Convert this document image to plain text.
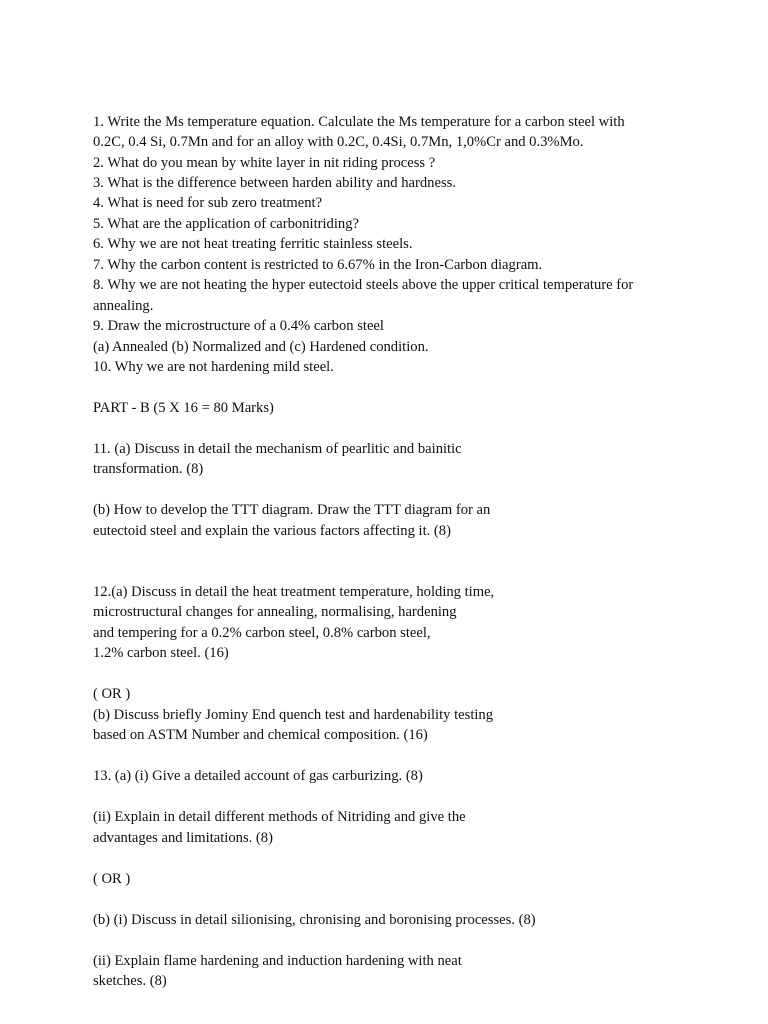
1. Write the Ms temperature equation. Calculate the Ms temperature for a carbon steel with
0.2C, 0.4 Si, 0.7Mn and for an alloy with 0.2C, 0.4Si, 0.7Mn, 1,0%Cr and 0.3%Mo.
2. What do you mean by white layer in nit riding process ?
3. What is the difference between harden ability and hardness.
4. What is need for sub zero treatment?
5. What are the application of carbonitriding?
6. Why we are not heat treating ferritic stainless steels.
7. Why the carbon content is restricted to 6.67% in the Iron-Carbon diagram.
8. Why we are not heating the hyper eutectoid steels above the upper critical temperature for
annealing.
9. Draw the microstructure of a 0.4% carbon steel
(a) Annealed (b) Normalized and (c) Hardened condition.
10. Why we are not hardening mild steel.
PART - B (5 X 16 = 80 Marks)
11. (a) Discuss in detail the mechanism of pearlitic and bainitic
transformation. (8)
(b) How to develop the TTT diagram. Draw the TTT diagram for an
eutectoid steel and explain the various factors affecting it. (8)
12.(a) Discuss in detail the heat treatment temperature, holding time,
microstructural changes for annealing, normalising, hardening
and tempering for a 0.2% carbon steel, 0.8% carbon steel,
1.2% carbon steel. (16)
( OR )
(b) Discuss briefly Jominy End quench test and hardenability testing
based on ASTM Number and chemical composition. (16)
13. (a) (i) Give a detailed account of gas carburizing. (8)
(ii) Explain in detail different methods of Nitriding and give the
advantages and limitations. (8)
( OR )
(b) (i) Discuss in detail silionising, chronising and boronising processes. (8)
(ii) Explain flame hardening and induction hardening with neat
sketches. (8)
